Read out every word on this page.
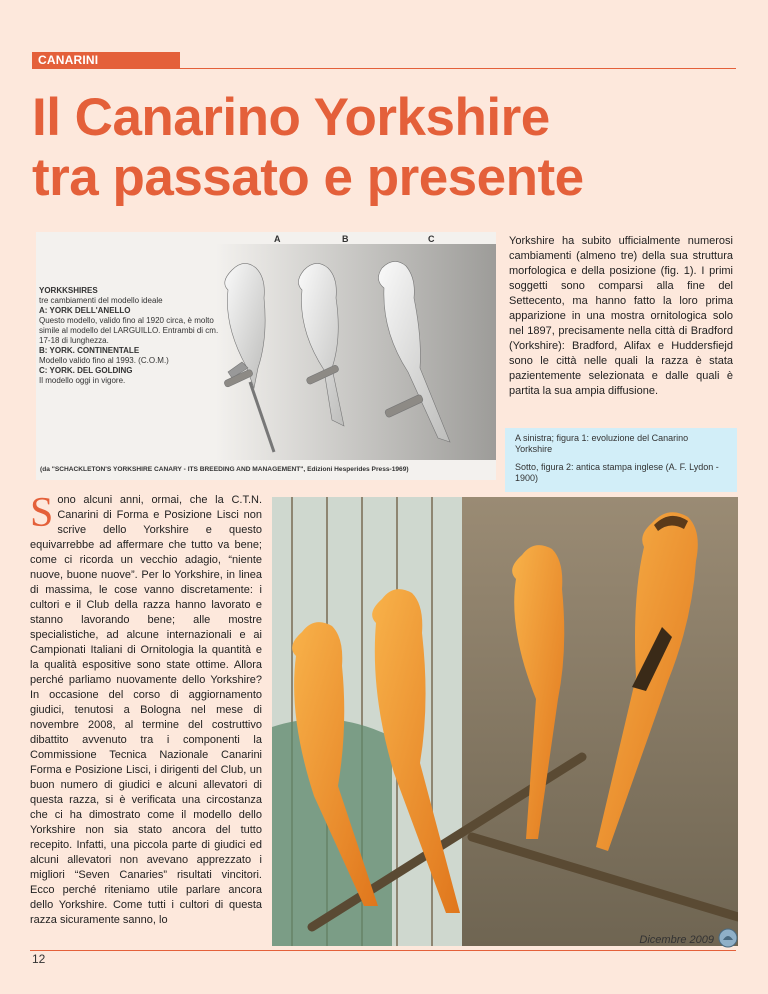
CANARINI
Il Canarino Yorkshire
tra passato e presente
A	B	C
YORKKSHIRES
tre cambiamenti del modello ideale
A: YORK DELL'ANELLO
Questo modello, valido fino al 1920 circa, è molto simile al modello del LARGUILLO. Entrambi di cm. 17-18 di lunghezza.
B: YORK. CONTINENTALE
Modello valido fino al 1993. (C.O.M.)
C: YORK. DEL GOLDING
Il modello oggi in vigore.
(da "SCHACKLETON'S YORKSHIRE CANARY - ITS BREEDING AND MANAGEMENT", Edizioni Hesperides Press-1969)

Yorkshire ha subito ufficialmente numerosi cambiamenti (almeno tre) della sua struttura morfologica e della posizione (fig. 1). I primi soggetti sono comparsi alla fine del Settecento, ma hanno fatto la loro prima apparizione in una mostra ornitologica solo nel 1897, precisamente nella città di Bradford (Yorkshire): Bradford, Alifax e Huddersfiejd sono le città nelle quali la razza è stata pazientemente selezionata e dalle quali è partita la sua ampia diffusione.

A sinistra; figura 1: evoluzione del Canarino Yorkshire

Sotto, figura 2: antica stampa inglese (A. F. Lydon - 1900)

Sono alcuni anni, ormai, che la C.T.N. Canarini di Forma e Posizione Lisci non scrive dello Yorkshire e questo equivarrebbe ad affermare che tutto va bene; come ci ricorda un vecchio adagio, “niente nuove, buone nuove”. Per lo Yorkshire, in linea di massima, le cose vanno discretamente: i cultori e il Club della razza hanno lavorato e stanno lavorando bene; alle mostre specialistiche, ad alcune internazionali e ai Campionati Italiani di Ornitologia la quantità e la qualità espositive sono state ottime. Allora perché parliamo nuovamente dello Yorkshire? In occasione del corso di aggiornamento giudici, tenutosi a Bologna nel mese di novembre 2008, al termine del costruttivo dibattito avvenuto tra i componenti la Commissione Tecnica Nazionale Canarini Forma e Posizione Lisci, i dirigenti del Club, un buon numero di giudici e alcuni allevatori di questa razza, si è verificata una circostanza che ci ha dimostrato come il modello dello Yorkshire non sia stato ancora del tutto recepito. Infatti, una piccola parte di giudici ed alcuni allevatori non avevano apprezzato i migliori “Seven Canaries” risultati vincitori. Ecco perché riteniamo utile parlare ancora dello Yorkshire. Come tutti i cultori di questa razza sicuramente sanno, lo

12
Dicembre 2009
